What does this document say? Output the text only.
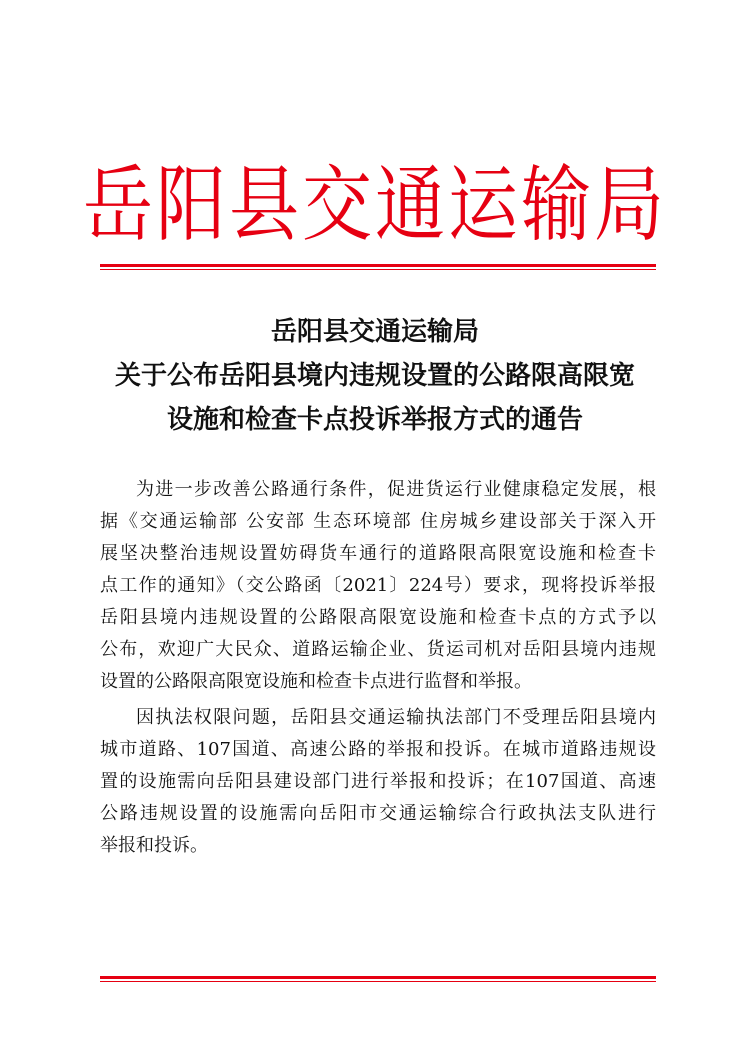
岳阳县交通运输局
岳阳县交通运输局
关于公布岳阳县境内违规设置的公路限高限宽
设施和检查卡点投诉举报方式的通告
为进一步改善公路通行条件，促进货运行业健康稳定发展，根
据《交通运输部 公安部 生态环境部 住房城乡建设部关于深入开
展坚决整治违规设置妨碍货车通行的道路限高限宽设施和检查卡
点工作的通知》（交公路函〔2021〕224号）要求，现将投诉举报
岳阳县境内违规设置的公路限高限宽设施和检查卡点的方式予以
公布，欢迎广大民众、道路运输企业、货运司机对岳阳县境内违规
设置的公路限高限宽设施和检查卡点进行监督和举报。
因执法权限问题，岳阳县交通运输执法部门不受理岳阳县境内
城市道路、107国道、高速公路的举报和投诉。在城市道路违规设
置的设施需向岳阳县建设部门进行举报和投诉；在107国道、高速
公路违规设置的设施需向岳阳市交通运输综合行政执法支队进行
举报和投诉。
